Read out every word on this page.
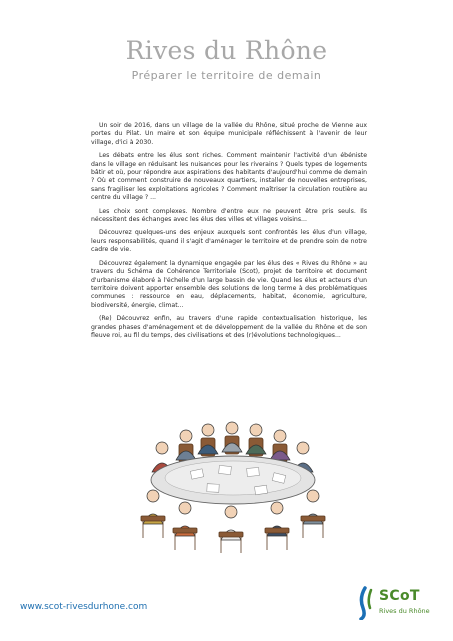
Rives du Rhône
Préparer le territoire de demain

Un soir de 2016, dans un village de la vallée du Rhône, situé proche de Vienne aux portes du Pilat. Un maire et son équipe municipale réfléchissent à l'avenir de leur village, d'ici à 2030.

Les débats entre les élus sont riches. Comment maintenir l'activité d'un ébéniste dans le village en réduisant les nuisances pour les riverains ? Quels types de logements bâtir et où, pour répondre aux aspirations des habitants d'aujourd'hui comme de demain ? Où et comment construire de nouveaux quartiers, installer de nouvelles entreprises, sans fragiliser les exploitations agricoles ? Comment maîtriser la circulation routière au centre du village ? ...

Les choix sont complexes. Nombre d'entre eux ne peuvent être pris seuls. Ils nécessitent des échanges avec les élus des villes et villages voisins...

Découvrez quelques-uns des enjeux auxquels sont confrontés les élus d'un village, leurs responsabilités, quand il s'agit d'aménager le territoire et de prendre soin de notre cadre de vie.

Découvrez également la dynamique engagée par les élus des « Rives du Rhône » au travers du Schéma de Cohérence Territoriale (Scot), projet de territoire et document d'urbanisme élaboré à l'échelle d'un large bassin de vie. Quand les élus et acteurs d'un territoire doivent apporter ensemble des solutions de long terme à des problématiques communes : ressource en eau, déplacements, habitat, économie, agriculture, biodiversité, énergie, climat...

(Re) Découvrez enfin, au travers d'une rapide contextualisation historique, les grandes phases d'aménagement et de développement de la vallée du Rhône et de son fleuve roi, au fil du temps, des civilisations et des (r)évolutions technologiques...

www.scot-rivesdurhone.com
SCoT
Rives du Rhône
